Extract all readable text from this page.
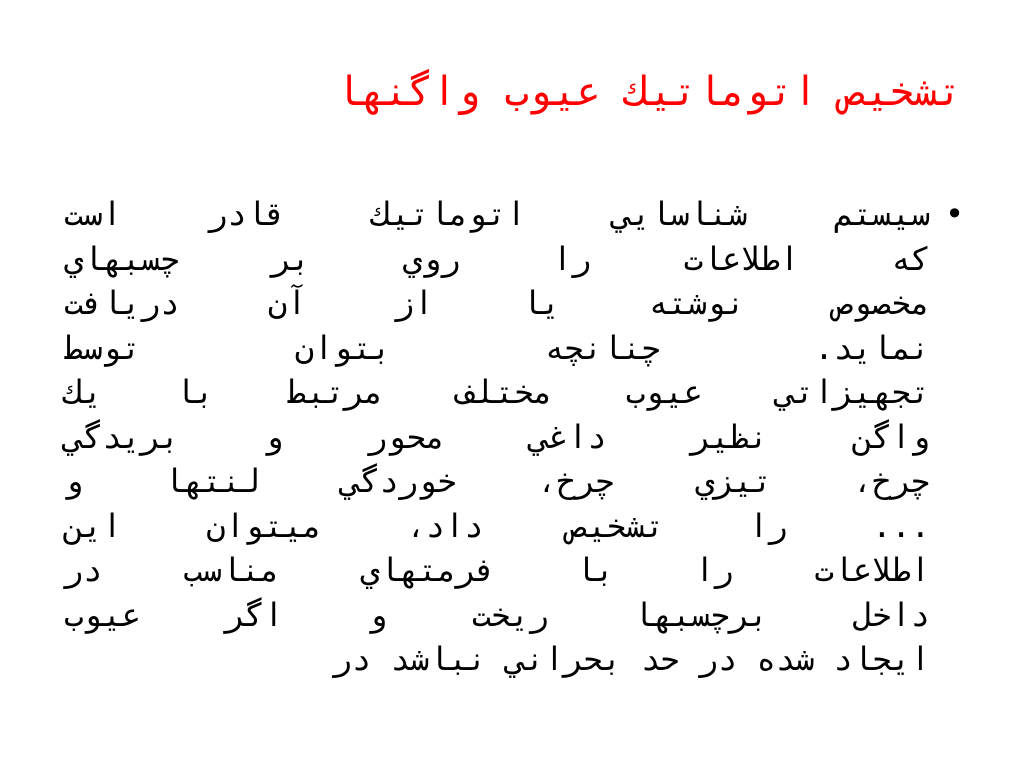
تشخيص اتوماتيك عيوب واگنها
•
سيستم شناسايي اتوماتيك قادر است
كه اطلاعات را روي بر چسبهاي
مخصوص نوشته يا از آن دريافت
نمايد. چنانچه بتوان توسط
تجهيزاتي عيوب مختلف مرتبط با يك
واگن نظير داغي محور و بريدگي
چرخ، تيزي چرخ، خوردگي لنتها و
... را تشخيص داد، ميتوان اين
اطلاعات را با فرمتهاي مناسب در
داخل برچسبها ريخت و اگر عيوب
ايجاد شده در حد بحراني نباشد در
